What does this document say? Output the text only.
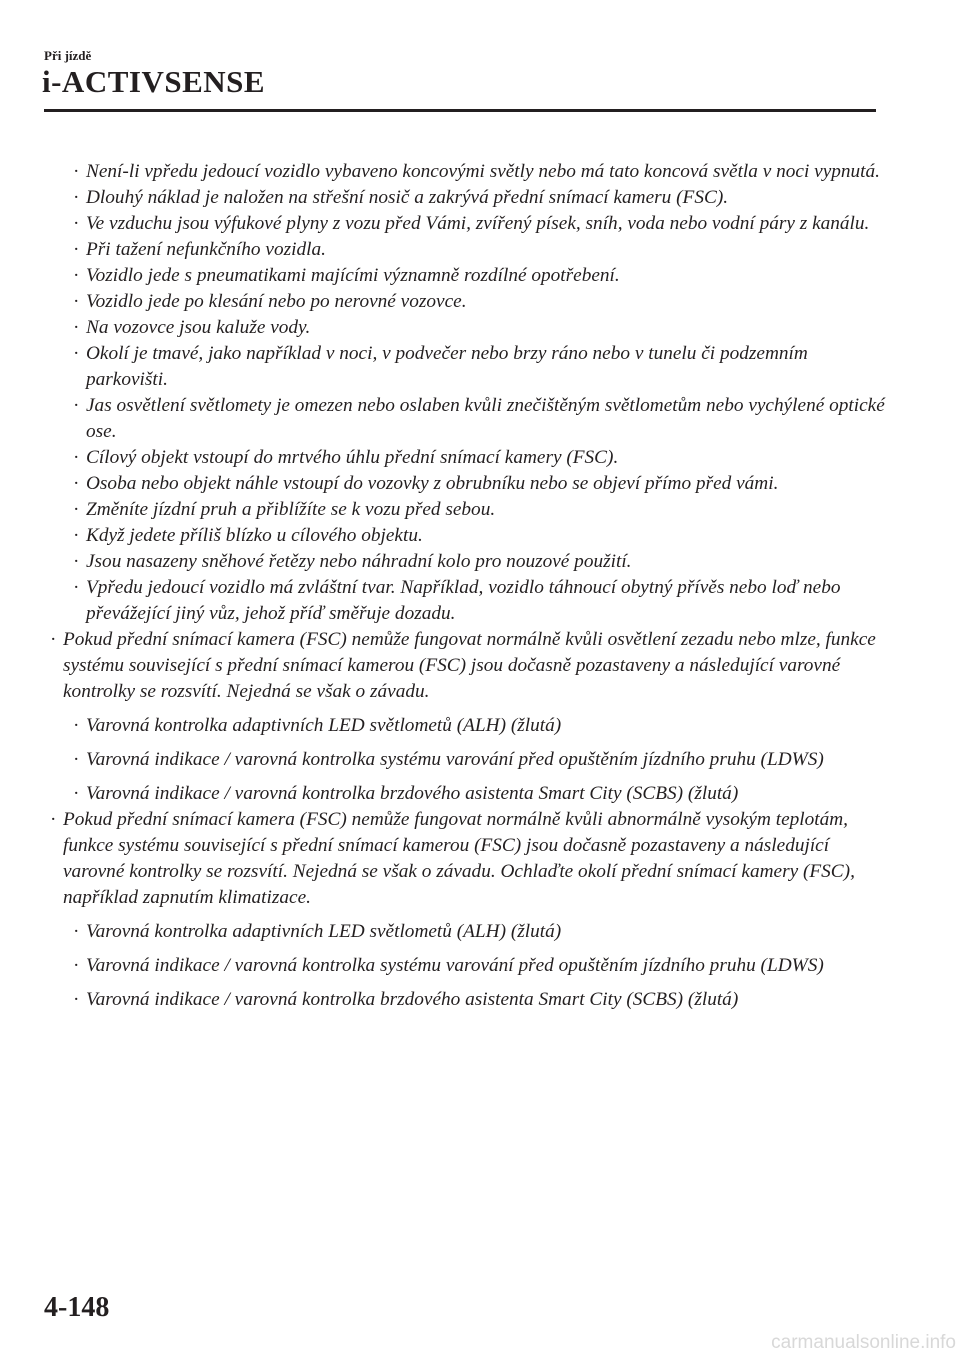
Při jízdě
i-ACTIVSENSE
· Není-li vpředu jedoucí vozidlo vybaveno koncovými světly nebo má tato koncová světla v noci vypnutá.
· Dlouhý náklad je naložen na střešní nosič a zakrývá přední snímací kameru (FSC).
· Ve vzduchu jsou výfukové plyny z vozu před Vámi, zvířený písek, sníh, voda nebo vodní páry z kanálu.
· Při tažení nefunkčního vozidla.
· Vozidlo jede s pneumatikami majícími významně rozdílné opotřebení.
· Vozidlo jede po klesání nebo po nerovné vozovce.
· Na vozovce jsou kaluže vody.
· Okolí je tmavé, jako například v noci, v podvečer nebo brzy ráno nebo v tunelu či podzemním parkovišti.
· Jas osvětlení světlomety je omezen nebo oslaben kvůli znečištěným světlometům nebo vychýlené optické ose.
· Cílový objekt vstoupí do mrtvého úhlu přední snímací kamery (FSC).
· Osoba nebo objekt náhle vstoupí do vozovky z obrubníku nebo se objeví přímo před vámi.
· Změníte jízdní pruh a přiblížíte se k vozu před sebou.
· Když jedete příliš blízko u cílového objektu.
· Jsou nasazeny sněhové řetězy nebo náhradní kolo pro nouzové použití.
· Vpředu jedoucí vozidlo má zvláštní tvar. Například, vozidlo táhnoucí obytný přívěs nebo loď nebo převážející jiný vůz, jehož příď směřuje dozadu.
· Pokud přední snímací kamera (FSC) nemůže fungovat normálně kvůli osvětlení zezadu nebo mlze, funkce systému související s přední snímací kamerou (FSC) jsou dočasně pozastaveny a následující varovné kontrolky se rozsvítí. Nejedná se však o závadu.
· Varovná kontrolka adaptivních LED světlometů (ALH) (žlutá)
· Varovná indikace / varovná kontrolka systému varování před opuštěním jízdního pruhu (LDWS)
· Varovná indikace / varovná kontrolka brzdového asistenta Smart City (SCBS) (žlutá)
· Pokud přední snímací kamera (FSC) nemůže fungovat normálně kvůli abnormálně vysokým teplotám, funkce systému související s přední snímací kamerou (FSC) jsou dočasně pozastaveny a následující varovné kontrolky se rozsvítí. Nejedná se však o závadu. Ochlaďte okolí přední snímací kamery (FSC), například zapnutím klimatizace.
· Varovná kontrolka adaptivních LED světlometů (ALH) (žlutá)
· Varovná indikace / varovná kontrolka systému varování před opuštěním jízdního pruhu (LDWS)
· Varovná indikace / varovná kontrolka brzdového asistenta Smart City (SCBS) (žlutá)
4-148
carmanualsonline.info
